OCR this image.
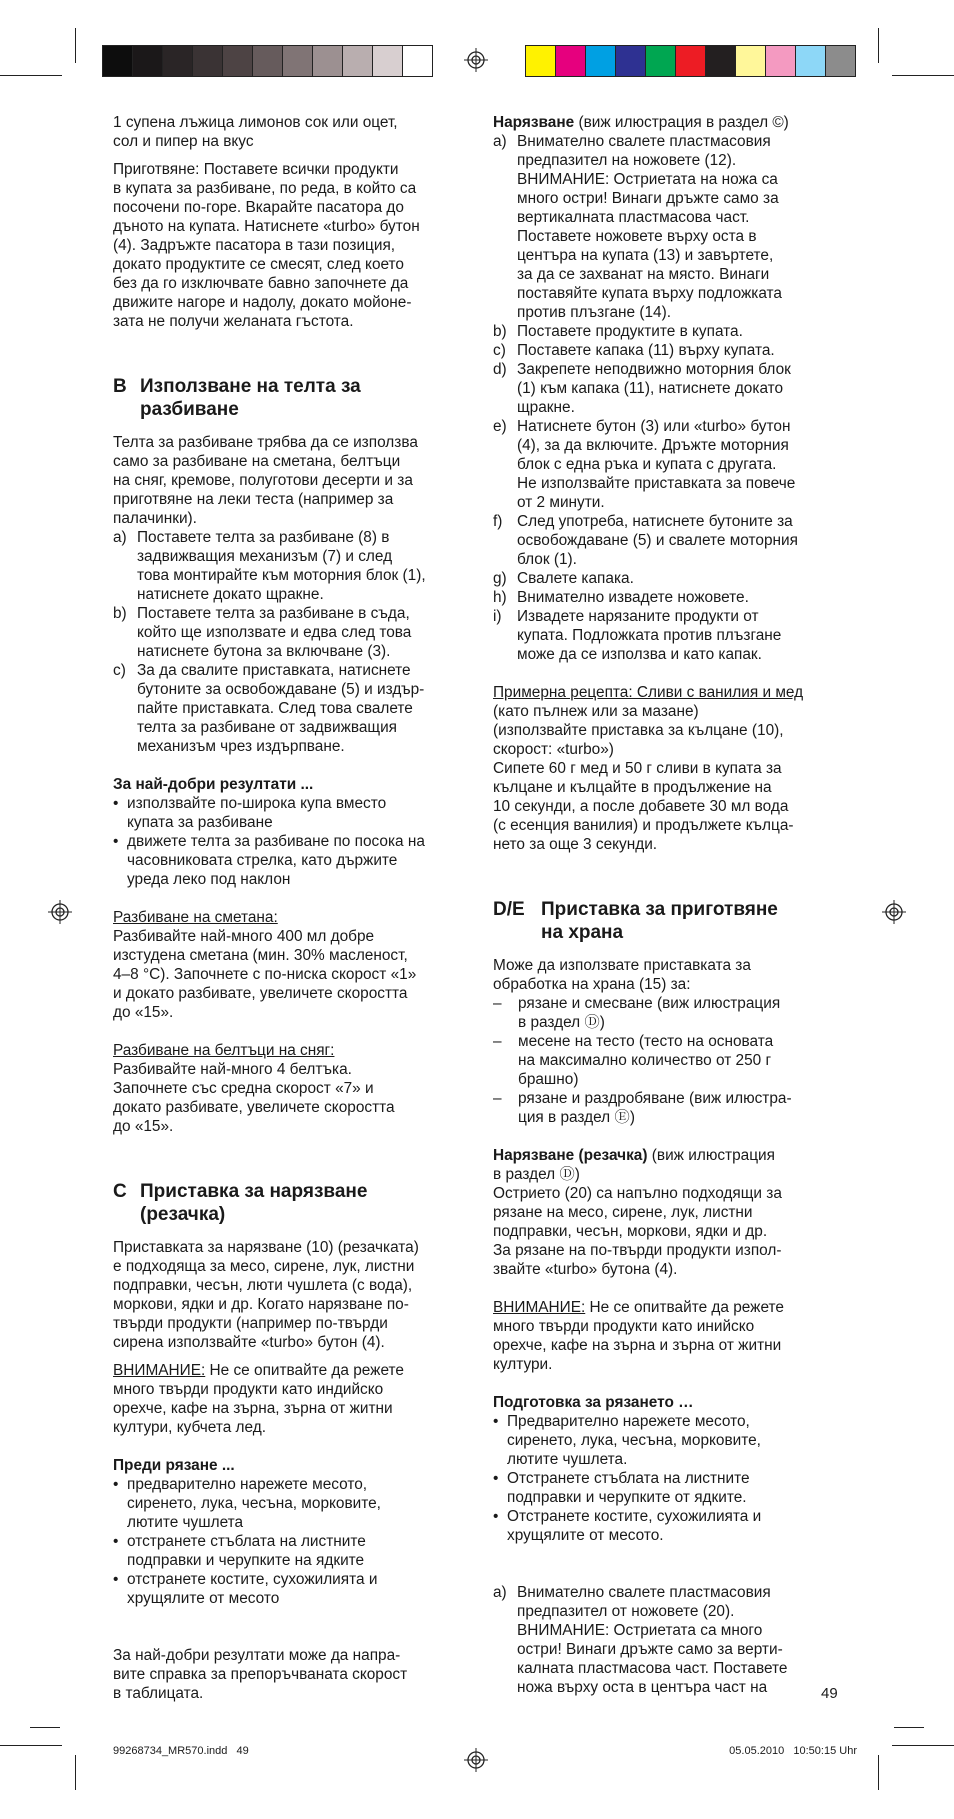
1 супена лъжица лимонов сок или оцет,

сол и пипер на вкус

Приготвяне: Поставете всички продукти

в купата за разбиване, по реда, в който са

посочени по-горе. Вкарайте пасатора до

дъното на купата. Натиснете «turbo» бутон

(4). Задръжте пасатора в тази позиция,

докато продуктите се смесят, след което

без да го изключвате бавно започнете да

движите нагоре и надолу, докато мойоне-

зата не получи желаната гъстота.

B Използване на телта за
разбиване

Телта за разбиване трябва да се използва

само за разбиване на сметана, белтъци

на сняг, кремове, полуготови десерти и за

приготвяне на леки теста (например за

палачинки).

a) Поставете телта за разбиване (8) в

задвижващия механизъм (7) и след

това монтирайте към моторния блок (1),

натиснете докато щракне.

b) Поставете телта за разбиване в съда,

който ще използвате и едва след това

натиснете бутона за включване (3).

c) За да свалите приставката, натиснете

бутоните за освобождаване (5) и издър-

пайте приставката. След това свалете

телта за разбиване от задвижващия

механизъм чрез издърпване.

За най-добри резултати ...

• използвайте по-широка купа вместо

купата за разбиване

• движете телта за разбиване по посока на

часовниковата стрелка, като държите

уреда леко под наклон

Разбиване на сметана:

Разбивайте най-много 400 мл добре

изстудена сметана (мин. 30% масленост,

4–8 °C). Започнете с по-ниска скорост «1»

и докато разбивате, увеличете скоростта

до «15».

Разбиване на белтъци на сняг:

Разбивайте най-много 4 белтъка.

Започнете със средна скорост «7» и

докато разбивате, увеличете скоростта

до «15».

C Приставка за нарязване
(резачка)

Приставката за нарязване (10) (резачката)

е подходяща за месо, сирене, лук, листни

подправки, чесън, люти чушлета (с вода),

моркови, ядки и др. Когато нарязване по-

твърди продукти (например по-твърди

сирена използвайте «turbo» бутон (4).

ВНИМАНИЕ: Не се опитвайте да режете

много твърди продукти като индийско

орехче, кафе на зърна, зърна от житни

култури, кубчета лед.

Преди рязане ...

• предварително нарежете месото,

сиренето, лука, чесъна, морковите,

лютите чушлета

• отстранете стъблата на листните

подправки и черупките на ядките

• отстранете костите, сухожилията и

хрущялите от месото

За най-добри резултати може да напра-

вите справка за препоръчваната скорост

в таблицата.

Нарязване (виж илюстрация в раздел ©)

a) Внимателно свалете пластмасовия

предпазител на ножовете (12).

ВНИМАНИЕ: Остриетата на ножа са

много остри! Винаги дръжте само за

вертикалната пластмасова част.

Поставете ножовете върху оста в

центъра на купата (13) и завъртете,

за да се захванат на място. Винаги

поставяйте купата върху подложката

против плъзгане (14).

b) Поставете продуктите в купата.

c) Поставете капака (11) върху купата.

d) Закрепете неподвижно моторния блок

(1) към капака (11), натиснете докато

щракне.

e) Натиснете бутон (3) или «turbo» бутон

(4), за да включите. Дръжте моторния

блок с една ръка и купата с другата.

Не използвайте приставката за повече

от 2 минути.

f) След употреба, натиснете бутоните за

освобождаване (5) и свалете моторния

блок (1).

g) Свалете капака.

h) Внимателно извадете ножовете.

i)	Извадете нарязаните продукти от

купата. Подложката против плъзгане

може да се използва и като капак.

Примерна рецепта: Сливи с ванилия и мед

(като пълнеж или за мазане)

(използвайте приставка за кълцане (10),

скорост: «turbo»)

Сипете 60 г мед и 50 г сливи в купата за

кълцане и кълцайте в продължение на

10 секунди, а после добавете 30 мл вода

(с есенция ванилия) и продължете кълца-

нето за още 3 секунди.

D/E Приставка за приготвяне
на храна

Може да използвате приставката за

обработка на храна (15) за:

–	рязане и смесване (виж илюстрация

в раздел Ⓓ)

–	месене на тесто (тесто на основата

на максимално количество от 250 г

брашно)

–	рязане и раздробяване (виж илюстра-

ция в раздел Ⓔ)

Нарязване (резачка) (виж илюстрация

в раздел Ⓓ)

Острието (20) са напълно подходящи за

рязане на месо, сирене, лук, листни

подправки, чесън, моркови, ядки и др.

За рязане на по-твърди продукти изпол-

звайте «turbo» бутона (4).

ВНИМАНИЕ: Не се опитвайте да режете

много твърди продукти като инийско

орехче, кафе на зърна и зърна от житни

култури.

Подготовка за рязането …

• Предварително нарежете месото,

сиренето, лука, чесъна, морковите,

лютите чушлета.

• Отстранете стъблата на листните

подправки и черупките от ядките.

• Отстранете костите, сухожилията и

хрущялите от месото.

a) Внимателно свалете пластмасовия

предпазител от ножовете (20).

ВНИМАНИЕ: Остриетата са много

остри! Винаги дръжте само за верти-

калната пластмасова част. Поставете

ножа върху оста в центъра част на	49
99268734_MR570.indd   49	05.05.2010   10:50:15 Uhr
